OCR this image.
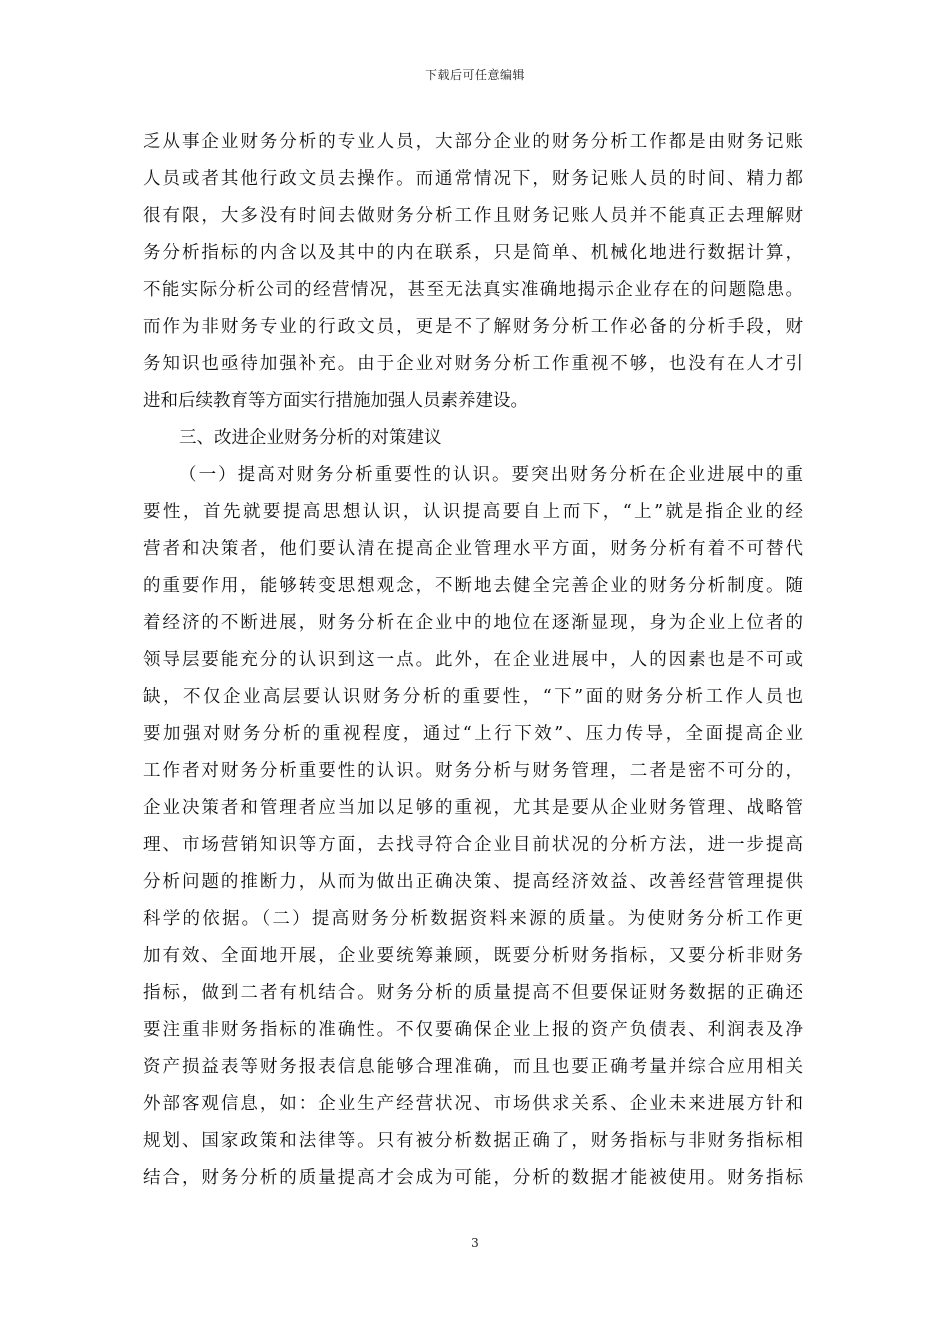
下载后可任意编辑
乏从事企业财务分析的专业人员，大部分企业的财务分析工作都是由财务记账
人员或者其他行政文员去操作。而通常情况下，财务记账人员的时间、精力都
很有限，大多没有时间去做财务分析工作且财务记账人员并不能真正去理解财
务分析指标的内含以及其中的内在联系，只是简单、机械化地进行数据计算，
不能实际分析公司的经营情况，甚至无法真实准确地揭示企业存在的问题隐患。
而作为非财务专业的行政文员，更是不了解财务分析工作必备的分析手段，财
务知识也亟待加强补充。由于企业对财务分析工作重视不够，也没有在人才引
进和后续教育等方面实行措施加强人员素养建设。
三、改进企业财务分析的对策建议
（一）提高对财务分析重要性的认识。要突出财务分析在企业进展中的重
要性，首先就要提高思想认识，认识提高要自上而下，“上”就是指企业的经
营者和决策者，他们要认清在提高企业管理水平方面，财务分析有着不可替代
的重要作用，能够转变思想观念，不断地去健全完善企业的财务分析制度。随
着经济的不断进展，财务分析在企业中的地位在逐渐显现，身为企业上位者的
领导层要能充分的认识到这一点。此外，在企业进展中，人的因素也是不可或
缺，不仅企业高层要认识财务分析的重要性，“下”面的财务分析工作人员也
要加强对财务分析的重视程度，通过“上行下效”、压力传导，全面提高企业
工作者对财务分析重要性的认识。财务分析与财务管理，二者是密不可分的，
企业决策者和管理者应当加以足够的重视，尤其是要从企业财务管理、战略管
理、市场营销知识等方面，去找寻符合企业目前状况的分析方法，进一步提高
分析问题的推断力，从而为做出正确决策、提高经济效益、改善经营管理提供
科学的依据。（二）提高财务分析数据资料来源的质量。为使财务分析工作更
加有效、全面地开展，企业要统筹兼顾，既要分析财务指标，又要分析非财务
指标，做到二者有机结合。财务分析的质量提高不但要保证财务数据的正确还
要注重非财务指标的准确性。不仅要确保企业上报的资产负债表、利润表及净
资产损益表等财务报表信息能够合理准确，而且也要正确考量并综合应用相关
外部客观信息，如：企业生产经营状况、市场供求关系、企业未来进展方针和
规划、国家政策和法律等。只有被分析数据正确了，财务指标与非财务指标相
结合，财务分析的质量提高才会成为可能，分析的数据才能被使用。财务指标
3
